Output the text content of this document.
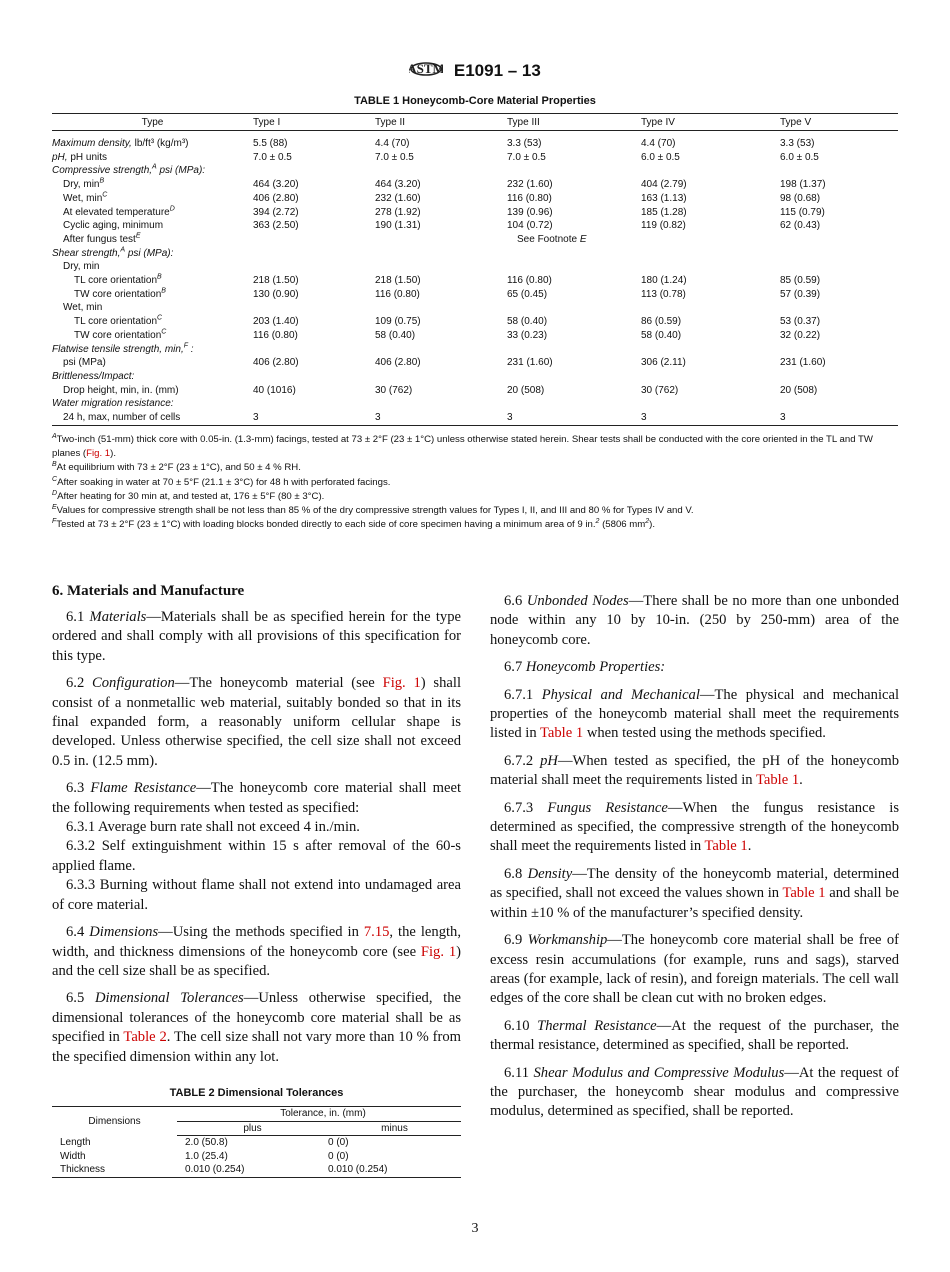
ASTM E1091 – 13
TABLE 1 Honeycomb-Core Material Properties
Type	Type I	Type II	Type III	Type IV	Type V
Maximum density, lb/ft³ (kg/m³)	5.5 (88)	4.4 (70)	3.3 (53)	4.4 (70)	3.3 (53)
pH, pH units	7.0 ± 0.5	7.0 ± 0.5	7.0 ± 0.5	6.0 ± 0.5	6.0 ± 0.5
Compressive strength,$^A$ psi (MPa):					
Dry, $\min^B$	464 (3.20)	464 (3.20)	232 (1.60)	404 (2.79)	198 (1.37)
Wet, $\min^C$	406 (2.80)	232 (1.60)	116 (0.80)	163 (1.13)	98 (0.68)
At elevated temperature$^D$	394 (2.72)	278 (1.92)	139 (0.96)	185 (1.28)	115 (0.79)
Cyclic aging, minimum	363 (2.50)	190 (1.31)	104 (0.72)	119 (0.82)	62 (0.43)
After fungus test$^E$			See Footnote E		
Shear strength,$^A$ psi (MPa):					
Dry, min					
TL core orientation$^B$	218 (1.50)	218 (1.50)	116 (0.80)	180 (1.24)	85 (0.59)
TW core orientation$^B$	130 (0.90)	116 (0.80)	65 (0.45)	113 (0.78)	57 (0.39)
Wet, min					
TL core orientation$^C$	203 (1.40)	109 (0.75)	58 (0.40)	86 (0.59)	53 (0.37)
TW core orientation$^C$	116 (0.80)	58 (0.40)	33 (0.23)	58 (0.40)	32 (0.22)
Flatwise tensile strength, min,$^F$ :					
psi (MPa)	406 (2.80)	406 (2.80)	231 (1.60)	306 (2.11)	231 (1.60)
Brittleness/Impact:					
Drop height, min, in. (mm)	40 (1016)	30 (762)	20 (508)	30 (762)	20 (508)
Water migration resistance:					
24 h, max, number of cells	3	3	3	3	3
$^A$Two-inch (51-mm) thick core with 0.05-in. (1.3-mm) facings, tested at 73 ± 2°F (23 ± 1°C) unless otherwise stated herein. Shear tests shall be conducted with the core oriented in the TL and TW planes (Fig. 1).
$^B$At equilibrium with 73 ± 2°F (23 ± 1°C), and 50 ± 4 % RH.
$^C$After soaking in water at 70 ± 5°F (21.1 ± 3°C) for 48 h with perforated facings.
$^D$After heating for 30 min at, and tested at, 176 ± 5°F (80 ± 3°C).
$^E$Values for compressive strength shall be not less than 85 % of the dry compressive strength values for Types I, II, and III and 80 % for Types IV and V.
$^F$Tested at 73 ± 2°F (23 ± 1°C) with loading blocks bonded directly to each side of core specimen having a minimum area of 9 in.$^2$ (5806 $mm^2$).
6. Materials and Manufacture

6.1 Materials—Materials shall be as specified herein for the type ordered and shall comply with all provisions of this specification for this type.

6.2 Configuration—The honeycomb material (see Fig. 1) shall consist of a nonmetallic web material, suitably bonded so that in its final expanded form, a reasonably uniform cellular shape is developed. Unless otherwise specified, the cell size shall not exceed 0.5 in. (12.5 mm).

6.3 Flame Resistance—The honeycomb core material shall meet the following requirements when tested as specified:

6.3.1 Average burn rate shall not exceed 4 in./min.

6.3.2 Self extinguishment within 15 s after removal of the 60-s applied flame.

6.3.3 Burning without flame shall not extend into undamaged area of core material.

6.4 Dimensions—Using the methods specified in 7.15, the length, width, and thickness dimensions of the honeycomb core (see Fig. 1) and the cell size shall be as specified.

6.5 Dimensional Tolerances—Unless otherwise specified, the dimensional tolerances of the honeycomb core material shall be as specified in Table 2. The cell size shall not vary more than 10 % from the specified dimension within any lot.

6.6 Unbonded Nodes—There shall be no more than one unbonded node within any 10 by 10-in. (250 by 250-mm) area of the honeycomb core.

6.7 Honeycomb Properties:

6.7.1 Physical and Mechanical—The physical and mechanical properties of the honeycomb material shall meet the requirements listed in Table 1 when tested using the methods specified.

6.7.2 pH—When tested as specified, the pH of the honeycomb material shall meet the requirements listed in Table 1.

6.7.3 Fungus Resistance—When the fungus resistance is determined as specified, the compressive strength of the honeycomb shall meet the requirements listed in Table 1.

6.8 Density—The density of the honeycomb material, determined as specified, shall not exceed the values shown in Table 1 and shall be within ±10 % of the manufacturer’s specified density.

6.9 Workmanship—The honeycomb core material shall be free of excess resin accumulations (for example, runs and sags), starved areas (for example, lack of resin), and foreign materials. The cell wall edges of the core shall be clean cut with no broken edges.

6.10 Thermal Resistance—At the request of the purchaser, the thermal resistance, determined as specified, shall be reported.

6.11 Shear Modulus and Compressive Modulus—At the request of the purchaser, the honeycomb shear modulus and compressive modulus, determined as specified, shall be reported.

TABLE 2 Dimensional Tolerances
Dimensions	Tolerance, in. (mm)	
	plus	minus
Length	2.0 (50.8)	0 (0)
Width	1.0 (25.4)	0 (0)
Thickness	0.010 (0.254)	0.010 (0.254)
3
